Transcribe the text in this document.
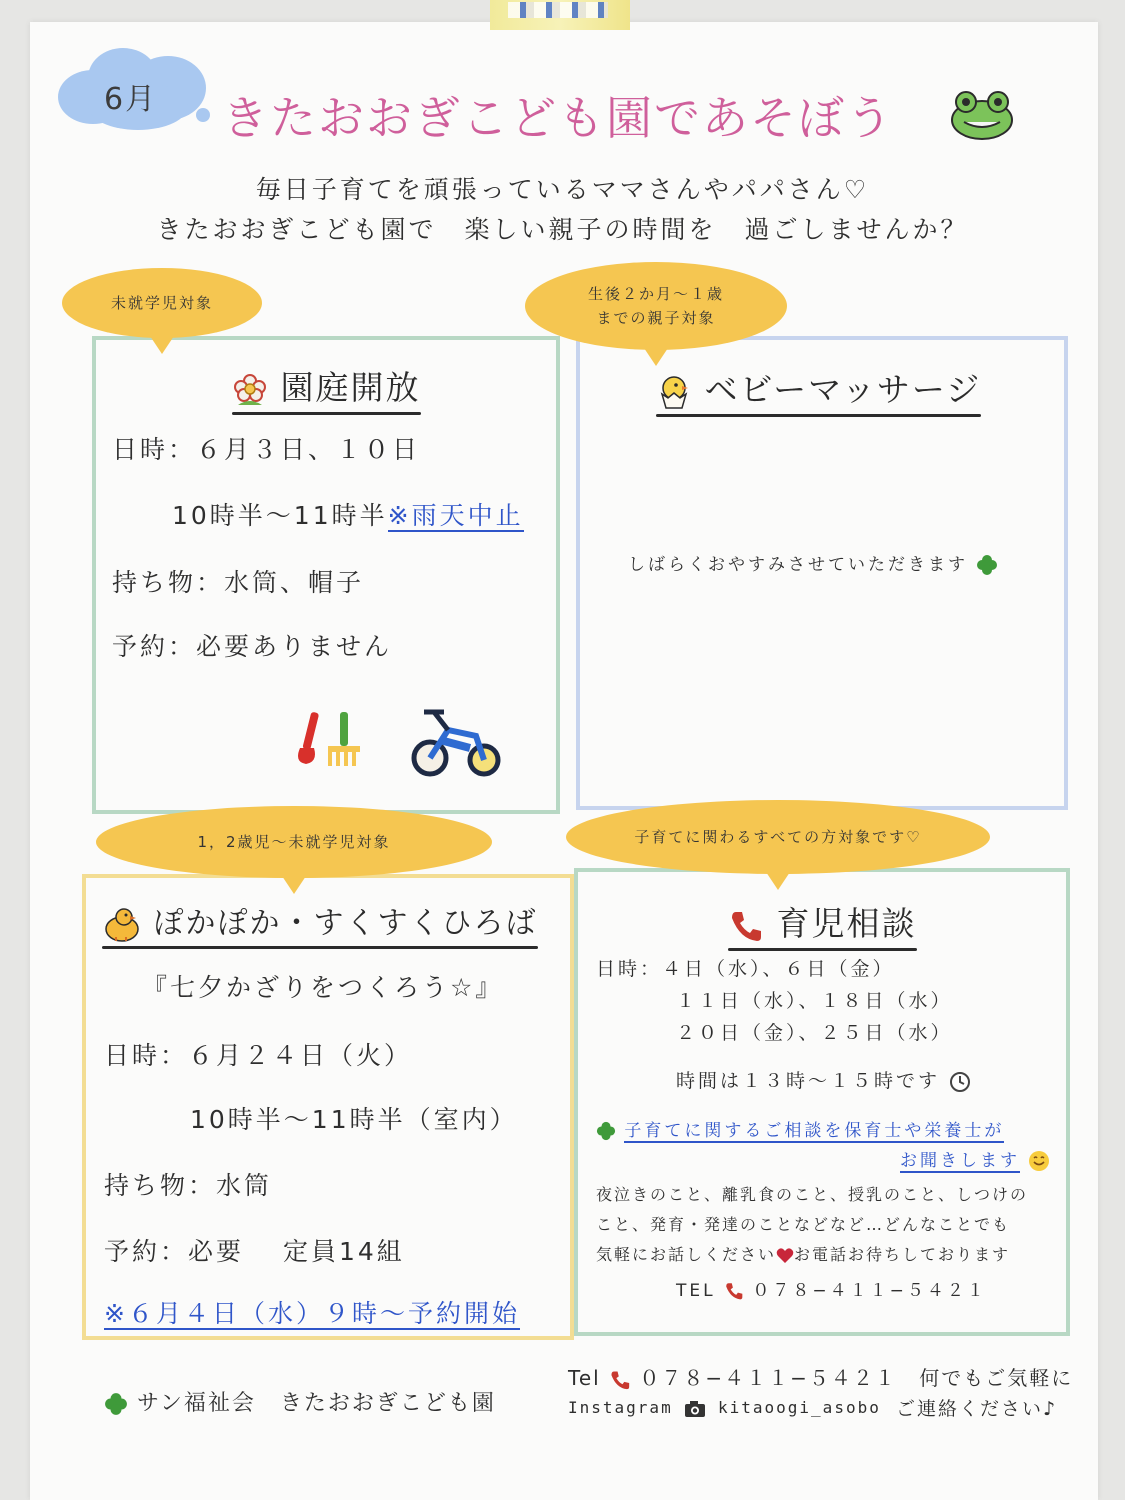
6月 きたおおぎこども園であそぼう
毎日子育てを頑張っているママさんやパパさん♡
きたおおぎこども園で　楽しい親子の時間を　過ごしませんか？
未就学児対象
園庭開放
日時：６月３日、１０日
10時半〜11時半※雨天中止
持ち物：水筒、帽子
予約：必要ありません
生後２か月〜１歳
までの親子対象
ベビーマッサージ
しばらくおやすみさせていただきます
1，2歳児〜未就学児対象
ぽかぽか・すくすくひろば
『七夕かざりをつくろう☆』
日時：６月２４日（火）
10時半〜11時半（室内）
持ち物：水筒
予約：必要　 定員14組
※６月４日（水）９時〜予約開始
子育てに関わるすべての方対象です♡
育児相談
日時：４日（水）、６日（金）
１１日（水）、１８日（水）
２０日（金）、２５日（水）
時間は１３時〜１５時です
子育てに関するご相談を保育士や栄養士が
お聞きします
夜泣きのこと、離乳食のこと、授乳のこと、しつけの
こと、発育・発達のことなどなど…どんなことでも
気軽にお話しください お電話お待ちしております
TEL ０７８−４１１−５４２１
サン福祉会　きたおおぎこども園
Tel ０７８−４１１−５４２１ 何でもご気軽に
Instagram	kitaoogi_asobo ご連絡ください♪
